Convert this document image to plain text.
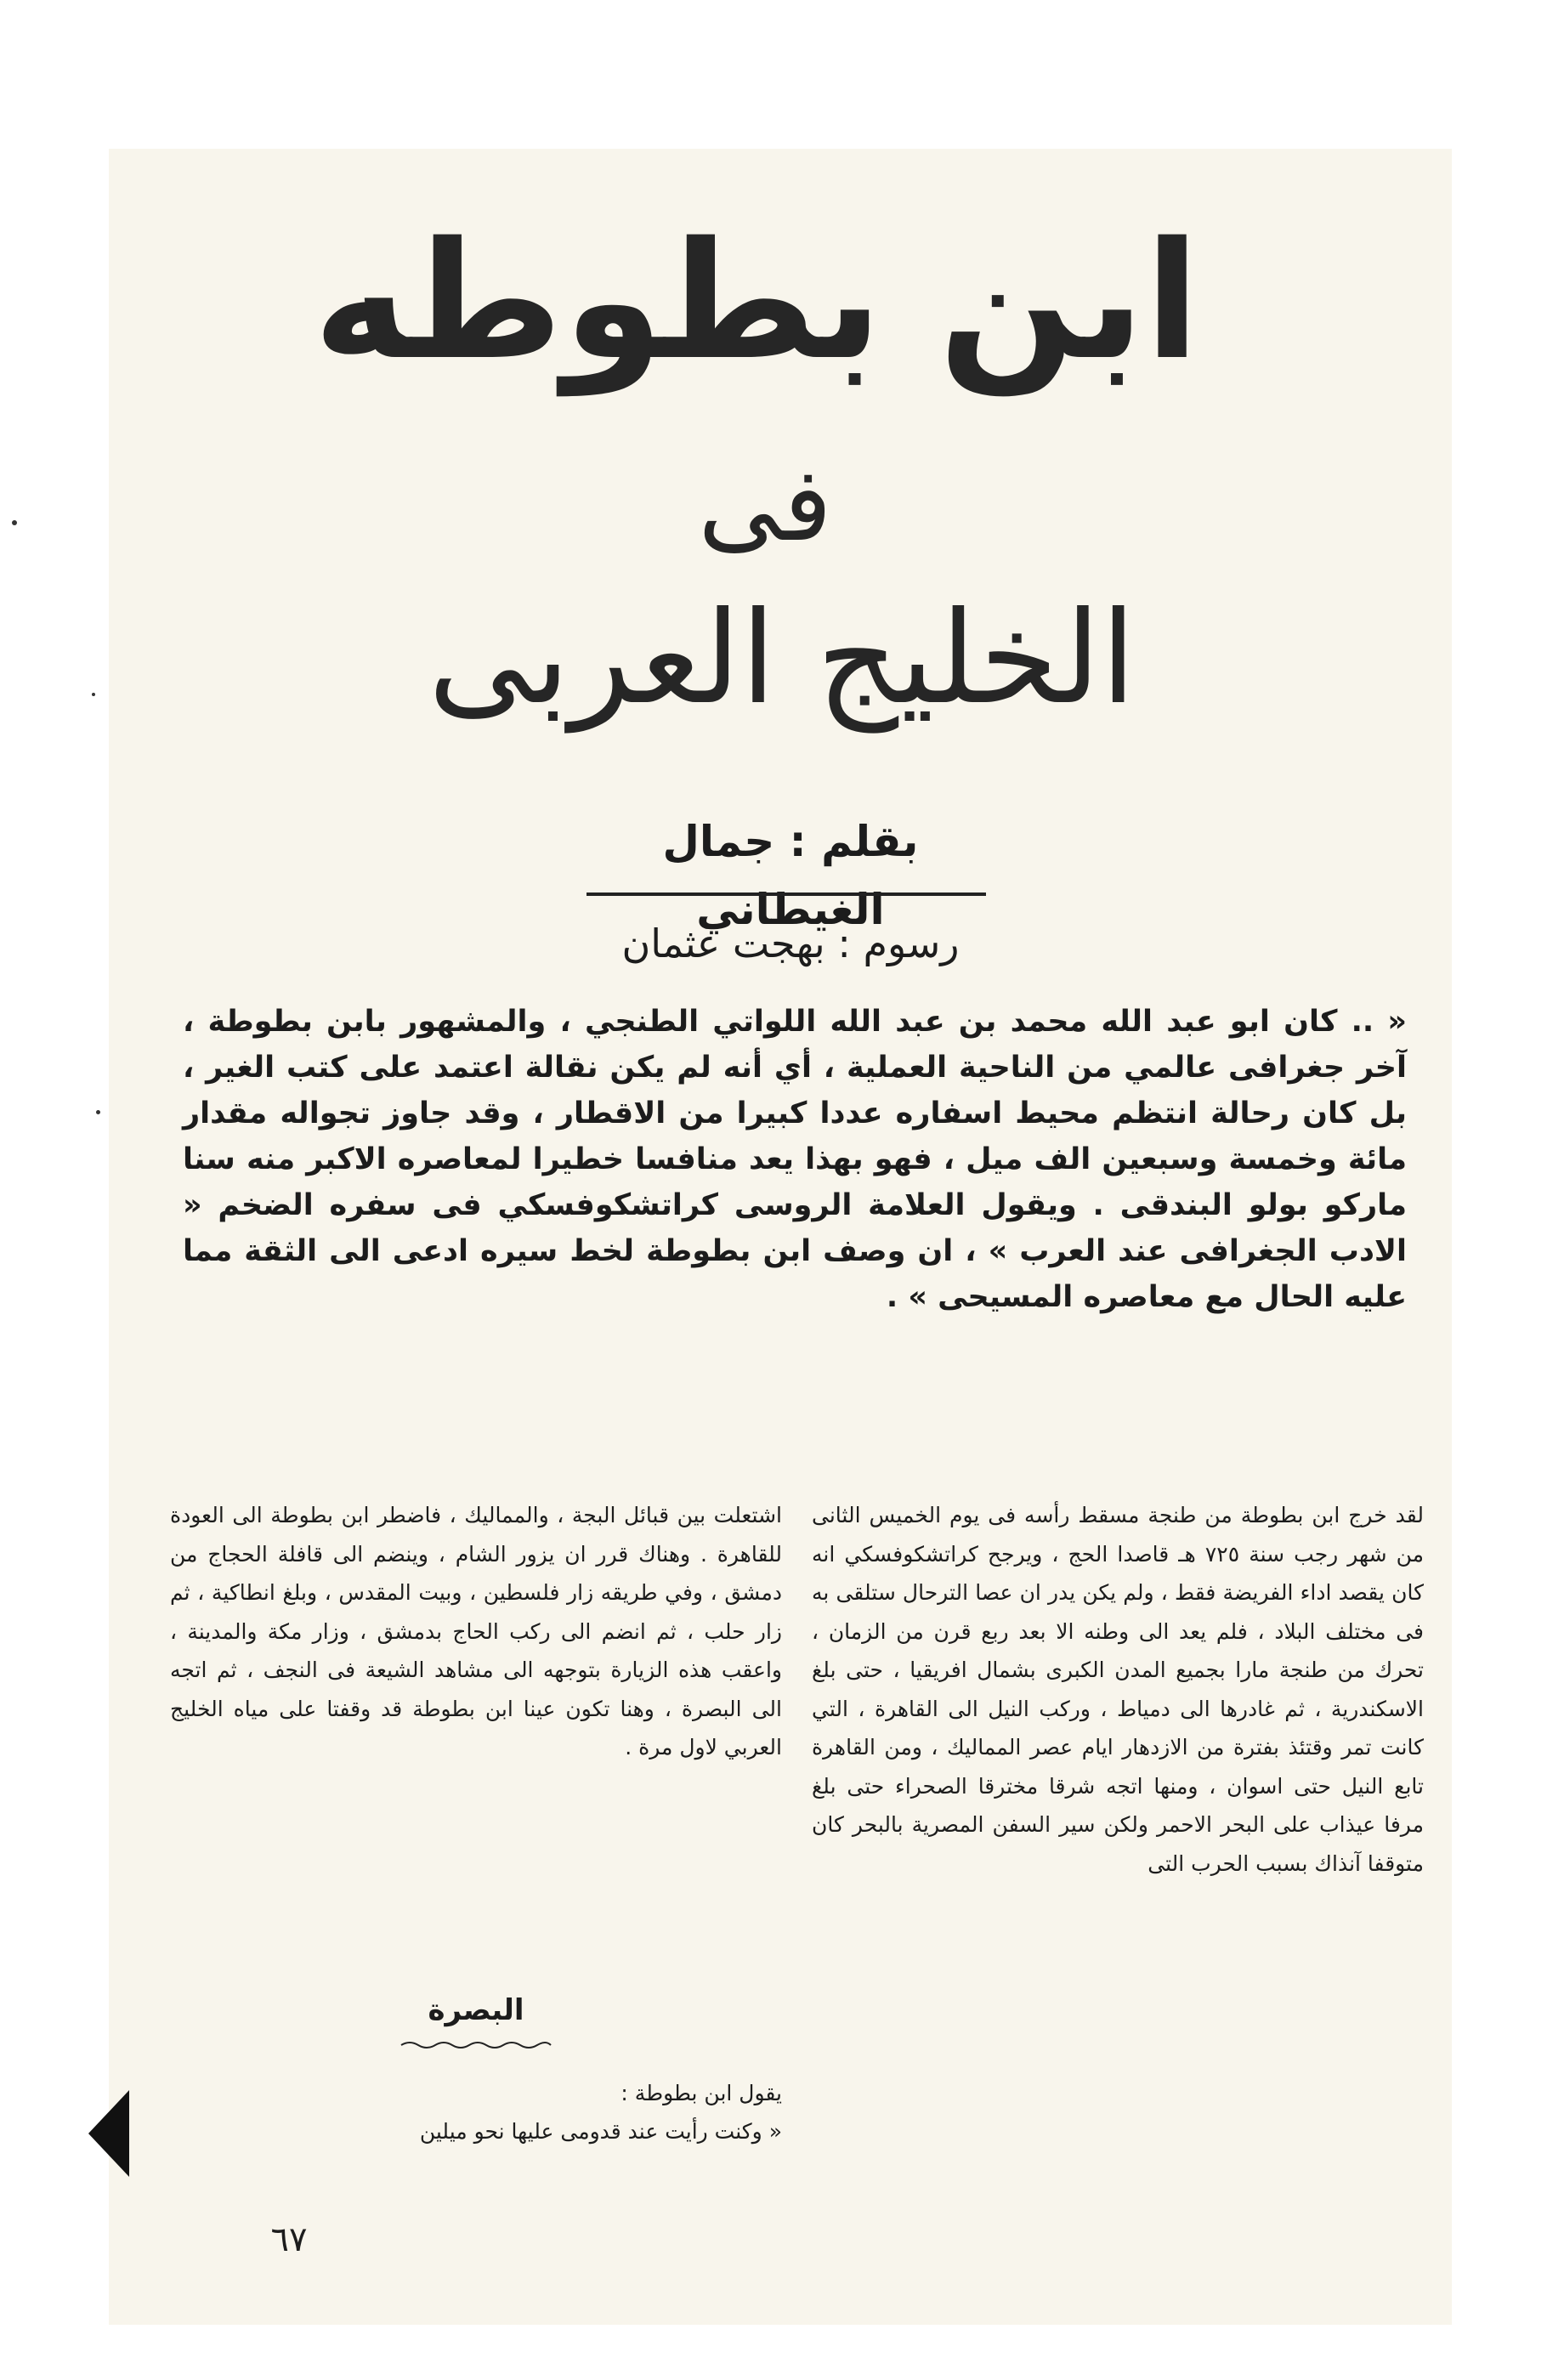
ابن بطوطه
فى
الخليج العربى
بقلم : جمال الغيطاني
رسوم : بهجت عثمان

« .. كان ابو عبد الله محمد بن عبد الله اللواتي الطنجي ، والمشهور بابن بطوطة ، آخر جغرافى عالمي من الناحية العملية ، أي أنه لم يكن نقالة اعتمد على كتب الغير ، بل كان رحالة انتظم محيط اسفاره عددا كبيرا من الاقطار ، وقد جاوز تجواله مقدار مائة وخمسة وسبعين الف ميل ، فهو بهذا يعد منافسا خطيرا لمعاصره الاكبر منه سنا ماركو بولو البندقى . ويقول العلامة الروسى كراتشكوفسكي فى سفره الضخم « الادب الجغرافى عند العرب » ، ان وصف ابن بطوطة لخط سيره ادعى الى الثقة مما عليه الحال مع معاصره المسيحى » .

لقد خرج ابن بطوطة من طنجة مسقط رأسه فى يوم الخميس الثانى من شهر رجب سنة ٧٢٥ هـ قاصدا الحج ، ويرجح كراتشكوفسكي انه كان يقصد اداء الفريضة فقط ، ولم يكن يدر ان عصا الترحال ستلقى به فى مختلف البلاد ، فلم يعد الى وطنه الا بعد ربع قرن من الزمان ، تحرك من طنجة مارا بجميع المدن الكبرى بشمال افريقيا ، حتى بلغ الاسكندرية ، ثم غادرها الى دمياط ، وركب النيل الى القاهرة ، التي كانت تمر وقتئذ بفترة من الازدهار ايام عصر المماليك ، ومن القاهرة تابع النيل حتى اسوان ، ومنها اتجه شرقا مخترقا الصحراء حتى بلغ مرفا عيذاب على البحر الاحمر ولكن سير السفن المصرية بالبحر كان متوقفا آنذاك بسبب الحرب التى

اشتعلت بين قبائل البجة ، والمماليك ، فاضطر ابن بطوطة الى العودة للقاهرة . وهناك قرر ان يزور الشام ، وينضم الى قافلة الحجاج من دمشق ، وفي طريقه زار فلسطين ، وبيت المقدس ، وبلغ انطاكية ، ثم زار حلب ، ثم انضم الى ركب الحاج بدمشق ، وزار مكة والمدينة ، واعقب هذه الزيارة بتوجهه الى مشاهد الشيعة فى النجف ، ثم اتجه الى البصرة ، وهنا تكون عينا ابن بطوطة قد وقفتا على مياه الخليج العربي لاول مرة .

البصرة

يقول ابن بطوطة :

« وكنت رأيت عند قدومى عليها نحو ميلين

٦٧
